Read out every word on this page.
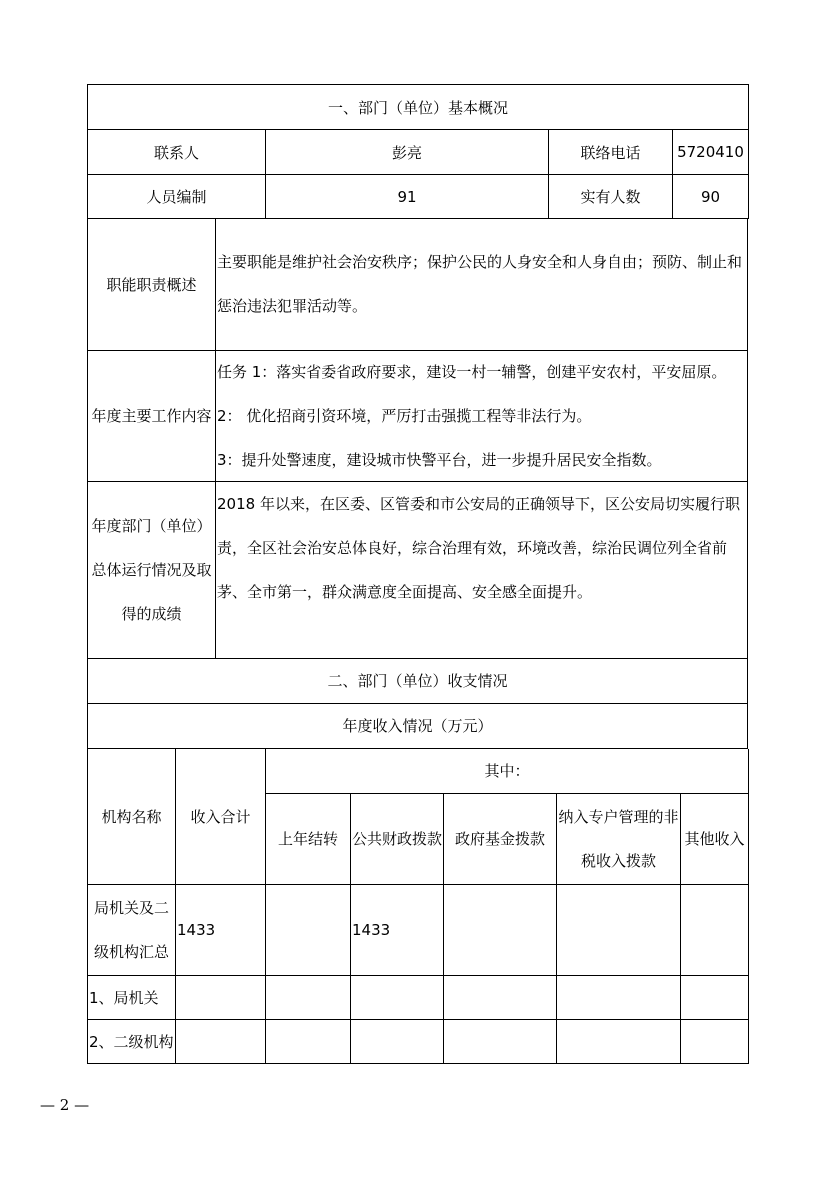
一、部门（单位）基本概况			
联系人	彭亮	联络电话	5720410
人员编制	91	实有人数	90
职能职责概述
主要职能是维护社会治安秩序；保护公民的人身安全和人身自由；预防、制止和惩治违法犯罪活动等。
年度主要工作内容
任务 1：落实省委省政府要求，建设一村一辅警，创建平安农村，平安屈原。
2： 优化招商引资环境，严厉打击强揽工程等非法行为。
3：提升处警速度，建设城市快警平台，进一步提升居民安全指数。
年度部门（单位）总体运行情况及取得的成绩
2018 年以来，在区委、区管委和市公安局的正确领导下，区公安局切实履行职责，全区社会治安总体良好，综合治理有效，环境改善，综治民调位列全省前茅、全市第一，群众满意度全面提高、安全感全面提升。
二、部门（单位）收支情况
年度收入情况（万元）
机构名称	收入合计	其中：				
		上年结转	公共财政拨款	政府基金拨款	纳入专户管理的非税收入拨款	其他收入
局机关及二级机构汇总	1433		1433			
1、局机关						
2、二级机构						
— 2 —
